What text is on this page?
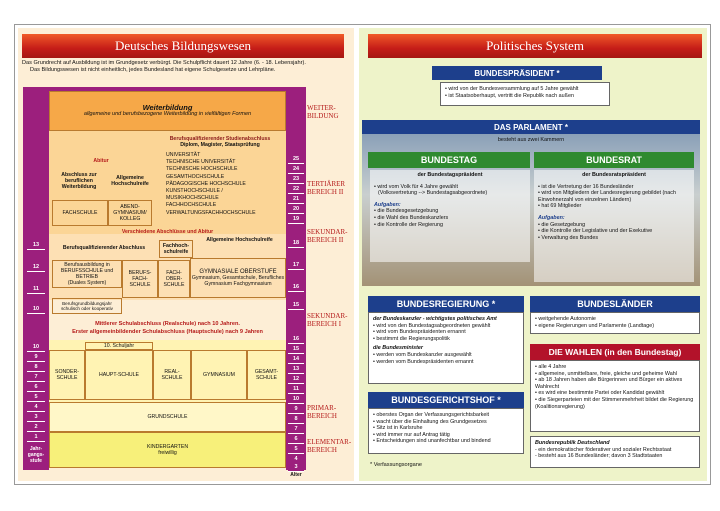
Deutsches Bildungswesen
Das Grundrecht auf Ausbildung ist im Grundgesetz verbürgt. Die Schulpflicht dauert 12 Jahre (6. - 18. Lebensjahr).
Das Bildungswesen ist nicht einheitlich, jedes Bundesland hat eigene Schulgesetze und Lehrpläne.
Weiterbildung
allgemeine und berufsbezogene Weiterbildung in vielfältigen Formen
Berufsqualifizierender Studienabschluss
Diplom, Magister, Staatsprüfung
Abitur
Abschluss zur beruflichen Weiterbildung
Allgemeine Hochschulreife
UNIVERSITÄT
TECHNISCHE UNIVERSITÄT
TECHNISCHE HOCHSCHULE
GESAMTHOCHSCHULE
PÄDAGOGISCHE HOCHSCHULE
KUNSTHOCHSCHULE /
MUSIKHOCHSCHULE
FACHHOCHSCHULE
VERWALTUNGSFACHHOCHSCHULE
FACHSCHULE
ABEND-GYMNASIUM/ KOLLEG
Verschiedene Abschlüsse und Abitur
Berufsqualifizierender Abschluss	Fachhoch-schulreife
Allgemeine Hochschulreife
Berufsausbildung in BERUFSSCHULE und BETRIEB
(Duales System)
BERUFS-FACH-SCHULE
FACH-OBER-SCHULE
GYMNASIALE OBERSTUFE
Gymnasium, Gesamtschule, Berufliches Gymnasium Fachgymnasium
Berufsgrundbildungsjahr schulisch oder kooperativ
Mittlerer Schulabschluss (Realschule) nach 10 Jahren.
Erster allgemeinbildender Schulabschluss (Hauptschule) nach 9 Jahren
10. Schuljahr
SONDER-SCHULE
HAUPT-SCHULE
REAL-SCHULE
GYMNASIUM
GESAMT-SCHULE
GRUNDSCHULE
KINDERGARTEN
freiwillig
13
12
11
10
10
9
8
7
6
5
4
3
2
1
Jahr-gangs-stufe
25
24
23
22
21
20
19
18
17
16
15
16
15
14
13
12
11
10
9
8
7
6
5
4
3
Alter
WEITER-BILDUNG
TERTIÄRER BEREICH II
SEKUNDAR-BEREICH II
SEKUNDAR-BEREICH I
PRIMAR-BEREICH
ELEMENTAR-BEREICH
Politisches System
BUNDESPRÄSIDENT *
• wird von der Bundesversammlung auf 5 Jahre gewählt
• ist Staatsoberhaupt, vertritt die Republik nach außen
DAS PARLAMENT *
besteht aus zwei Kammern
BUNDESTAG
der Bundestagspräsident
• wird vom Volk für 4 Jahre gewählt
(Volksvertretung --> Bundestagsabgeordnete)
Aufgaben:
• die Bundesgesetzgebung
• die Wahl des Bundeskanzlers
• die Kontrolle der Regierung
BUNDESRAT
der Bundesratspräsident
• ist die Vertretung der 16 Bundesländer
• wird von Mitgliedern der Landesregierung gebildet (nach Einwohnerzahl von einzelnen Ländern)
• hat 69 Mitglieder
Aufgaben:
• die Gesetzgebung
• die Kontrolle der Legislative und der Exekutive
• Verwaltung des Bundes
BUNDESREGIERUNG *
der Bundeskanzler - wichtigstes politisches Amt
• wird von den Bundestagsabgeordneten gewählt
• wird vom Bundespräsidenten ernannt
• bestimmt die Regierungspolitik
die Bundesminister
• werden vom Bundeskanzler ausgewählt
• werden vom Bundespräsidenten ernannt
BUNDESGERICHTSHOF *
• oberstes Organ der Verfassungsgerichtsbarkeit
• wacht über die Einhaltung des Grundgesetzes
• Sitz ist in Karlsruhe
• wird immer nur auf Antrag tätig
• Entscheidungen sind unanfechtbar und bindend
* Verfassungsorgane
BUNDESLÄNDER
• weitgehende Autonomie
• eigene Regierungen und Parlamente (Landtage)
DIE WAHLEN (in den Bundestag)
• alle 4 Jahre
• allgemeine, unmittelbare, freie, gleiche und geheime Wahl
• ab 18 Jahren haben alle Bürgerinnen und Bürger ein aktives Wahlrecht
• es wird eine bestimmte Partei oder Kandidat gewählt
• die Siegerparteien mit der Stimmenmehrheit bildet die Regierung (Koalitionsregierung)
Bundesrepublik Deutschland
- ein demokratischer föderativer und sozialer Rechtsstaat
- besteht aus 16 Bundesländer; davon 3 Stadtstaaten
